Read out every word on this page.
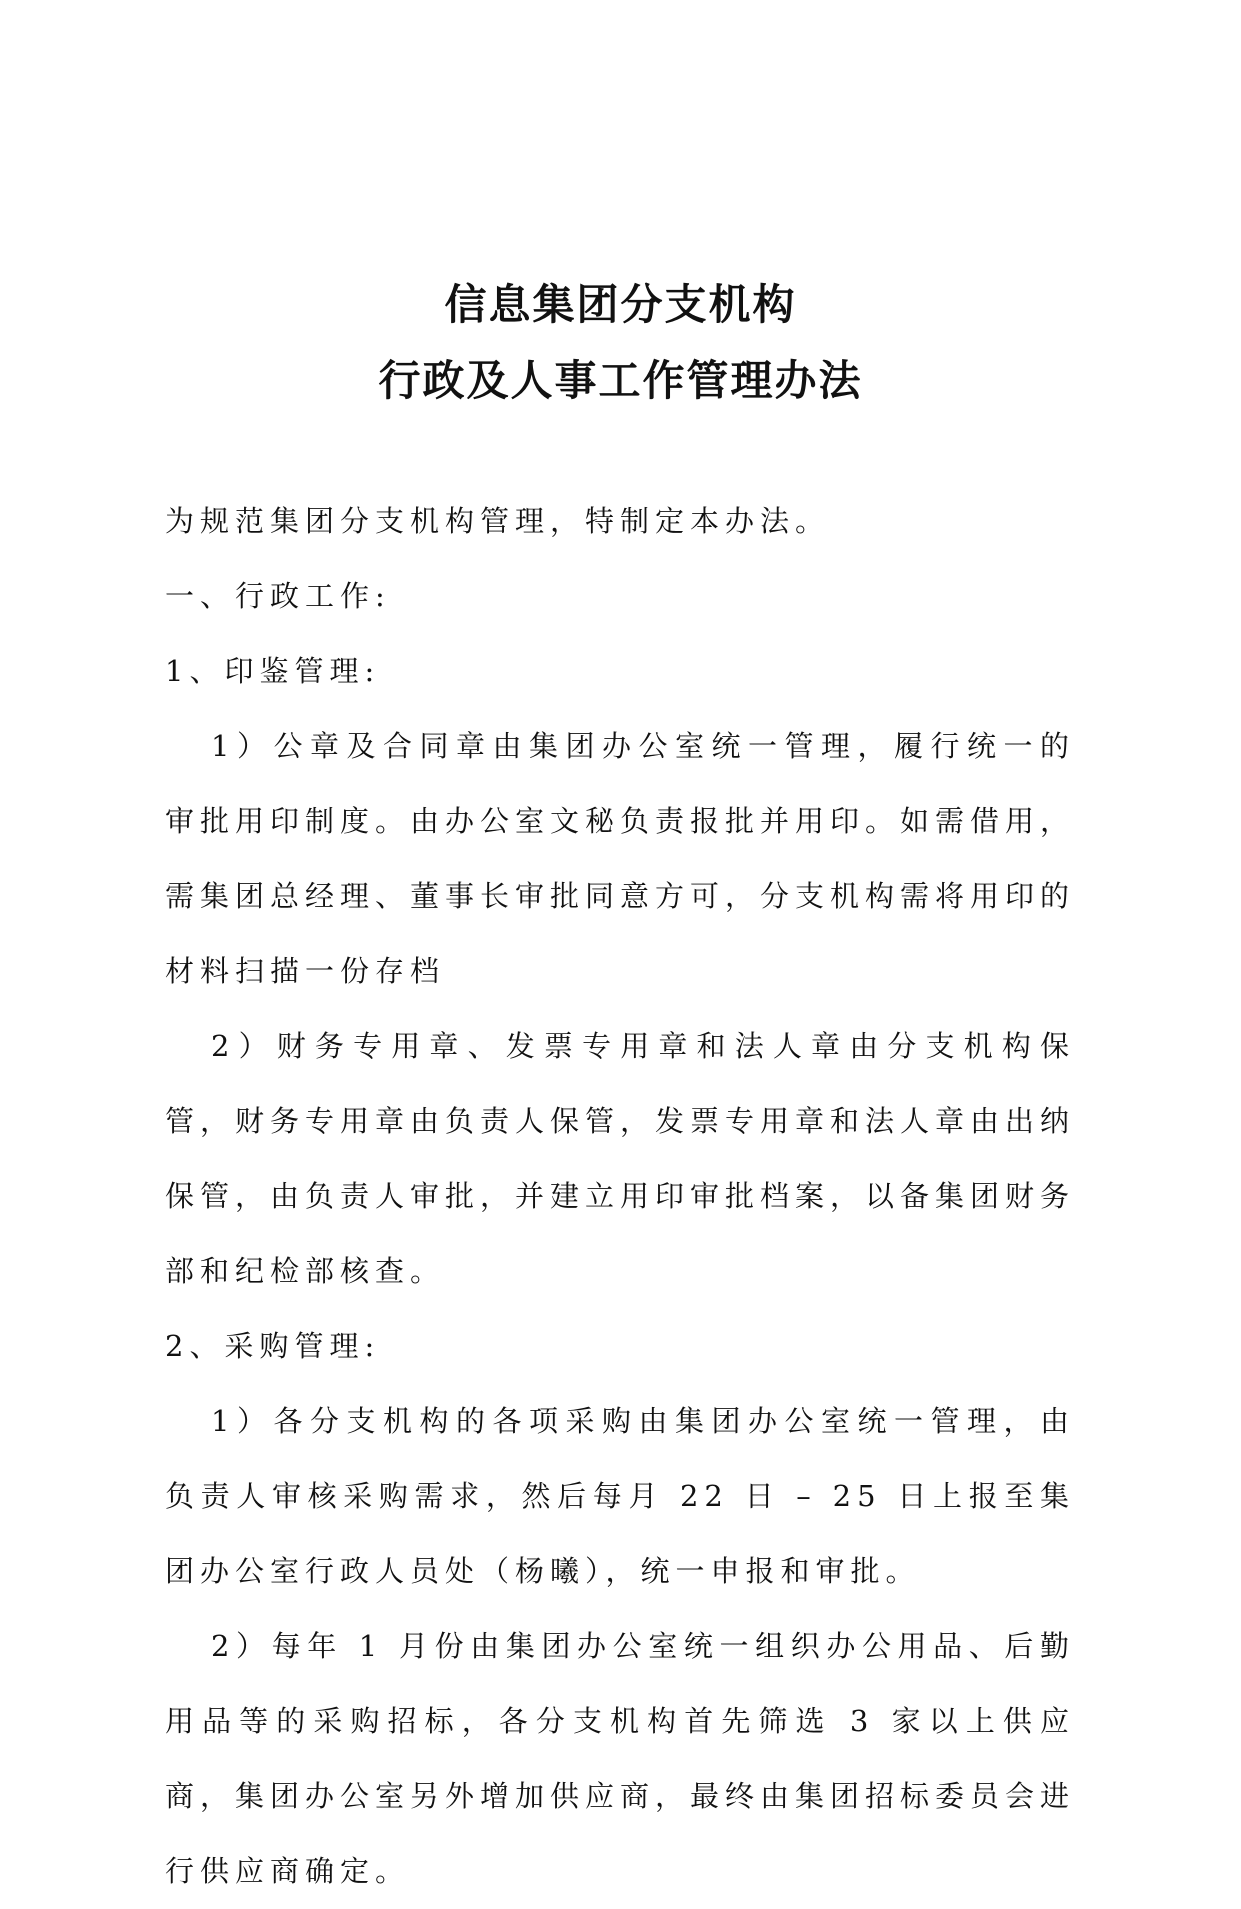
信息集团分支机构
行政及人事工作管理办法

为规范集团分支机构管理，特制定本办法。

一、行政工作:

1、印鉴管理:

1）公章及合同章由集团办公室统一管理，履行统一的审批用印制度。由办公室文秘负责报批并用印。如需借用，需集团总经理、董事长审批同意方可，分支机构需将用印的材料扫描一份存档

2）财务专用章、发票专用章和法人章由分支机构保管，财务专用章由负责人保管，发票专用章和法人章由出纳保管，由负责人审批，并建立用印审批档案，以备集团财务部和纪检部核查。

2、采购管理:

1）各分支机构的各项采购由集团办公室统一管理，由负责人审核采购需求，然后每月 22 日 – 25 日上报至集团办公室行政人员处（杨曦），统一申报和审批。

2）每年 1 月份由集团办公室统一组织办公用品、后勤用品等的采购招标，各分支机构首先筛选 3 家以上供应商，集团办公室另外增加供应商，最终由集团招标委员会进行供应商确定。
